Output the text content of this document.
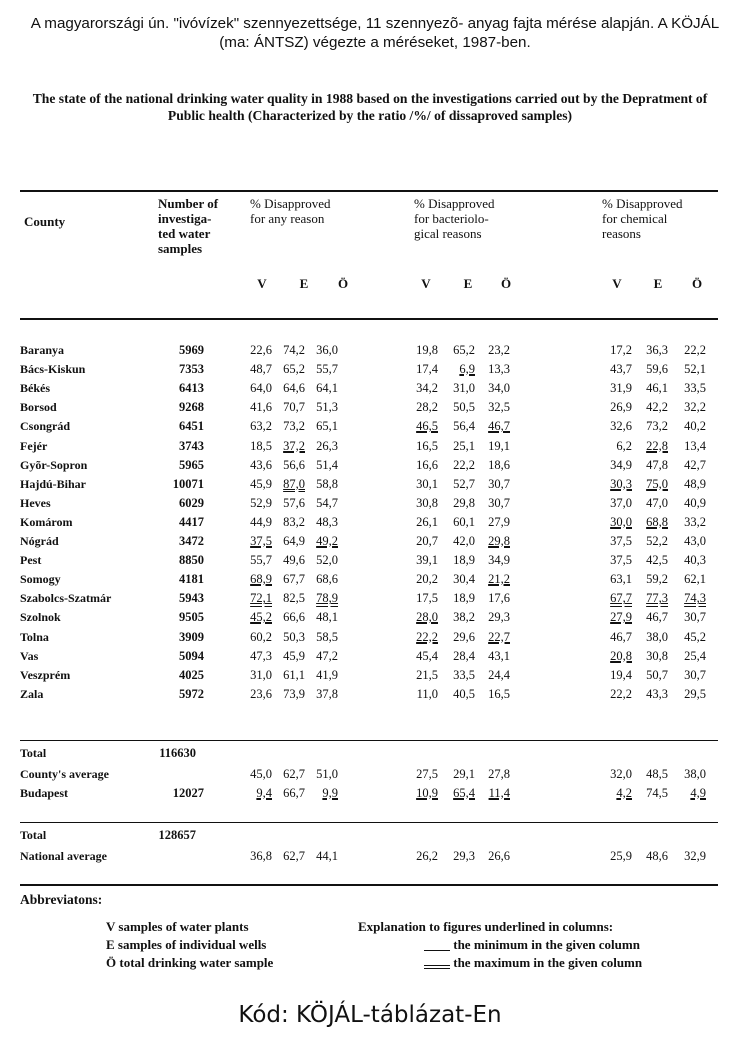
A magyarországi ún. "ivóvízek" szennyezettsége, 11 szennyezõ- anyag fajta mérése alapján. A KÖJÁL (ma: ÁNTSZ) végezte a méréseket, 1987-ben.
The state of the national drinking water quality in 1988 based on the investigations carried out by the Depratment of Public health (Characterized by the ratio /%/ of dissaproved samples)
County
Number of
investiga-
ted water
samples
% Disapproved
for any reason
% Disapproved
for bacteriolo-
gical reasons
% Disapproved
for chemical
reasons
V	E	Ö	V	E	Ö	V	E	Ö
Baranya	5969	22,6 74,2 36,0	19,8	65,2	23,2	17,2	36,3	22,2
Bács-Kiskun	7353	48,7 65,2 55,7	17,4	6,9	13,3	43,7	59,6	52,1
Békés	6413	64,0 64,6 64,1	34,2	31,0	34,0	31,9	46,1	33,5
Borsod	9268	41,6 70,7 51,3	28,2	50,5	32,5	26,9	42,2	32,2
Csongrád	6451	63,2 73,2 65,1	46,5	56,4	46,7	32,6	73,2	40,2
Fejér	3743	18,5 37,2 26,3	16,5	25,1	19,1	6,2	22,8	13,4
Gyõr-Sopron	5965	43,6 56,6 51,4	16,6	22,2	18,6	34,9	47,8	42,7
Hajdú-Bihar	10071	45,9 87,0 58,8	30,1	52,7	30,7	30,3	75,0	48,9
Heves	6029	52,9 57,6 54,7	30,8	29,8	30,7	37,0	47,0	40,9
Komárom	4417	44,9 83,2 48,3	26,1	60,1	27,9	30,0	68,8	33,2
Nógrád	3472	37,5 64,9 49,2	20,7	42,0	29,8	37,5	52,2	43,0
Pest	8850	55,7 49,6 52,0	39,1	18,9	34,9	37,5	42,5	40,3
Somogy	4181	68,9 67,7 68,6	20,2	30,4	21,2	63,1	59,2	62,1
Szabolcs-Szatmár	5943	72,1 82,5 78,9	17,5	18,9	17,6	67,7	77,3	74,3
Szolnok	9505	45,2 66,6 48,1	28,0	38,2	29,3	27,9	46,7	30,7
Tolna	3909	60,2 50,3 58,5	22,2	29,6	22,7	46,7	38,0	45,2
Vas	5094	47,3 45,9 47,2	45,4	28,4	43,1	20,8	30,8	25,4
Veszprém	4025	31,0 61,1 41,9	21,5	33,5	24,4	19,4	50,7	30,7
Zala	5972	23,6 73,9 37,8	11,0	40,5	16,5	22,2	43,3	29,5
Total	116630
County's average	45,0 62,7 51,0	27,5	29,1	27,8	32,0	48,5	38,0
Budapest	12027	9,4 66,7	9,9	10,9	65,4	11,4	4,2	74,5	4,9
Total	128657
National average	36,8 62,7 44,1	26,2	29,3	26,6	25,9	48,6	32,9
Abbreviatons:
V samples of water plants
E samples of individual wells
Ö total drinking water sample
Explanation to figures underlined in columns:
the minimum in the given column
the maximum in the given column
Kód: KÖJÁL-táblázat-En
